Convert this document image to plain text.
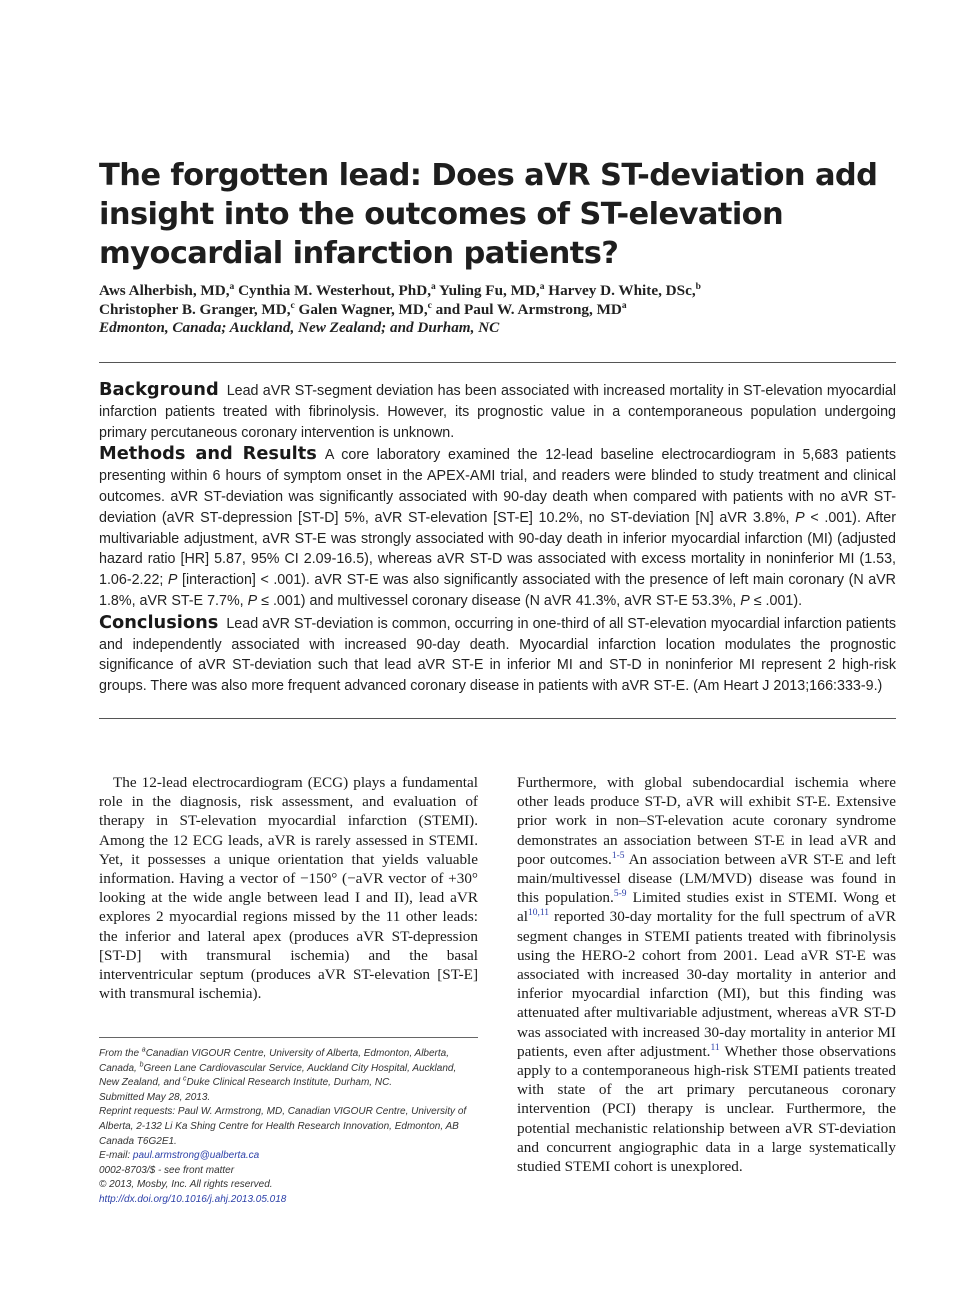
The forgotten lead: Does aVR ST-deviation add insight into the outcomes of ST-elevation myocardial infarction patients?
Aws Alherbish, MD,$^a$ Cynthia M. Westerhout, PhD,$^a$ Yuling Fu, MD,$^a$ Harvey D. White, DSc,$^b$
Christopher B. Granger, MD,$^c$ Galen Wagner, MD,$^c$ and Paul W. Armstrong, $MD^a$
Edmonton, Canada; Auckland, New Zealand; and Durham, NC

Background Lead aVR ST-segment deviation has been associated with increased mortality in ST-elevation myocardial infarction patients treated with fibrinolysis. However, its prognostic value in a contemporaneous population undergoing primary percutaneous coronary intervention is unknown.

Methods and Results A core laboratory examined the 12-lead baseline electrocardiogram in 5,683 patients presenting within 6 hours of symptom onset in the APEX-AMI trial, and readers were blinded to study treatment and clinical outcomes. aVR ST-deviation was significantly associated with 90-day death when compared with patients with no aVR ST-deviation (aVR ST-depression [ST-D] 5%, aVR ST-elevation [ST-E] 10.2%, no ST-deviation [N] aVR 3.8%, P < .001). After multivariable adjustment, aVR ST-E was strongly associated with 90-day death in inferior myocardial infarction (MI) (adjusted hazard ratio [HR] 5.87, 95% CI 2.09-16.5), whereas aVR ST-D was associated with excess mortality in noninferior MI (1.53, 1.06-2.22; P [interaction] < .001). aVR ST-E was also significantly associated with the presence of left main coronary (N aVR 1.8%, aVR ST-E 7.7%, P ≤ .001) and multivessel coronary disease (N aVR 41.3%, aVR ST-E 53.3%, P ≤ .001).

Conclusions Lead aVR ST-deviation is common, occurring in one-third of all ST-elevation myocardial infarction patients and independently associated with increased 90-day death. Myocardial infarction location modulates the prognostic significance of aVR ST-deviation such that lead aVR ST-E in inferior MI and ST-D in noninferior MI represent 2 high-risk groups. There was also more frequent advanced coronary disease in patients with aVR ST-E. (Am Heart J 2013;166:333-9.)

The 12-lead electrocardiogram (ECG) plays a fundamental role in the diagnosis, risk assessment, and evaluation of therapy in ST-elevation myocardial infarction (STEMI). Among the 12 ECG leads, aVR is rarely assessed in STEMI. Yet, it possesses a unique orientation that yields valuable information. Having a vector of −150° (−aVR vector of +30° looking at the wide angle between lead I and II), lead aVR explores 2 myocardial regions missed by the 11 other leads: the inferior and lateral apex (produces aVR ST-depression [ST-D] with transmural ischemia) and the basal interventricular septum (produces aVR ST-elevation [ST-E] with transmural ischemia).

From the $^a$Canadian VIGOUR Centre, University of Alberta, Edmonton, Alberta, Canada, $^b$Green Lane Cardiovascular Service, Auckland City Hospital, Auckland, New Zealand, and $^c$Duke Clinical Research Institute, Durham, NC.
Submitted May 28, 2013.
Reprint requests: Paul W. Armstrong, MD, Canadian VIGOUR Centre, University of Alberta, 2-132 Li Ka Shing Centre for Health Research Innovation, Edmonton, AB Canada T6G2E1.
E-mail: paul.armstrong@ualberta.ca
0002-8703/$ - see front matter
© 2013, Mosby, Inc. All rights reserved.
http://dx.doi.org/10.1016/j.ahj.2013.05.018

Furthermore, with global subendocardial ischemia where other leads produce ST-D, aVR will exhibit ST-E. Extensive prior work in non–ST-elevation acute coronary syndrome demonstrates an association between ST-E in lead aVR and poor outcomes.$^{1-5}$ An association between aVR ST-E and left main/multivessel disease (LM/MVD) disease was found in this population.$^{5-9}$ Limited studies exist in STEMI. Wong et al$^{10,11}$ reported 30-day mortality for the full spectrum of aVR segment changes in STEMI patients treated with fibrinolysis using the HERO-2 cohort from 2001. Lead aVR ST-E was associated with increased 30-day mortality in anterior and inferior myocardial infarction (MI), but this finding was attenuated after multivariable adjustment, whereas aVR ST-D was associated with increased 30-day mortality in anterior MI patients, even after adjustment.$^{11}$ Whether those observations apply to a contemporaneous high-risk STEMI patients treated with state of the art primary percutaneous coronary intervention (PCI) therapy is unclear. Furthermore, the potential mechanistic relationship between aVR ST-deviation and concurrent angiographic data in a large systematically studied STEMI cohort is unexplored.
